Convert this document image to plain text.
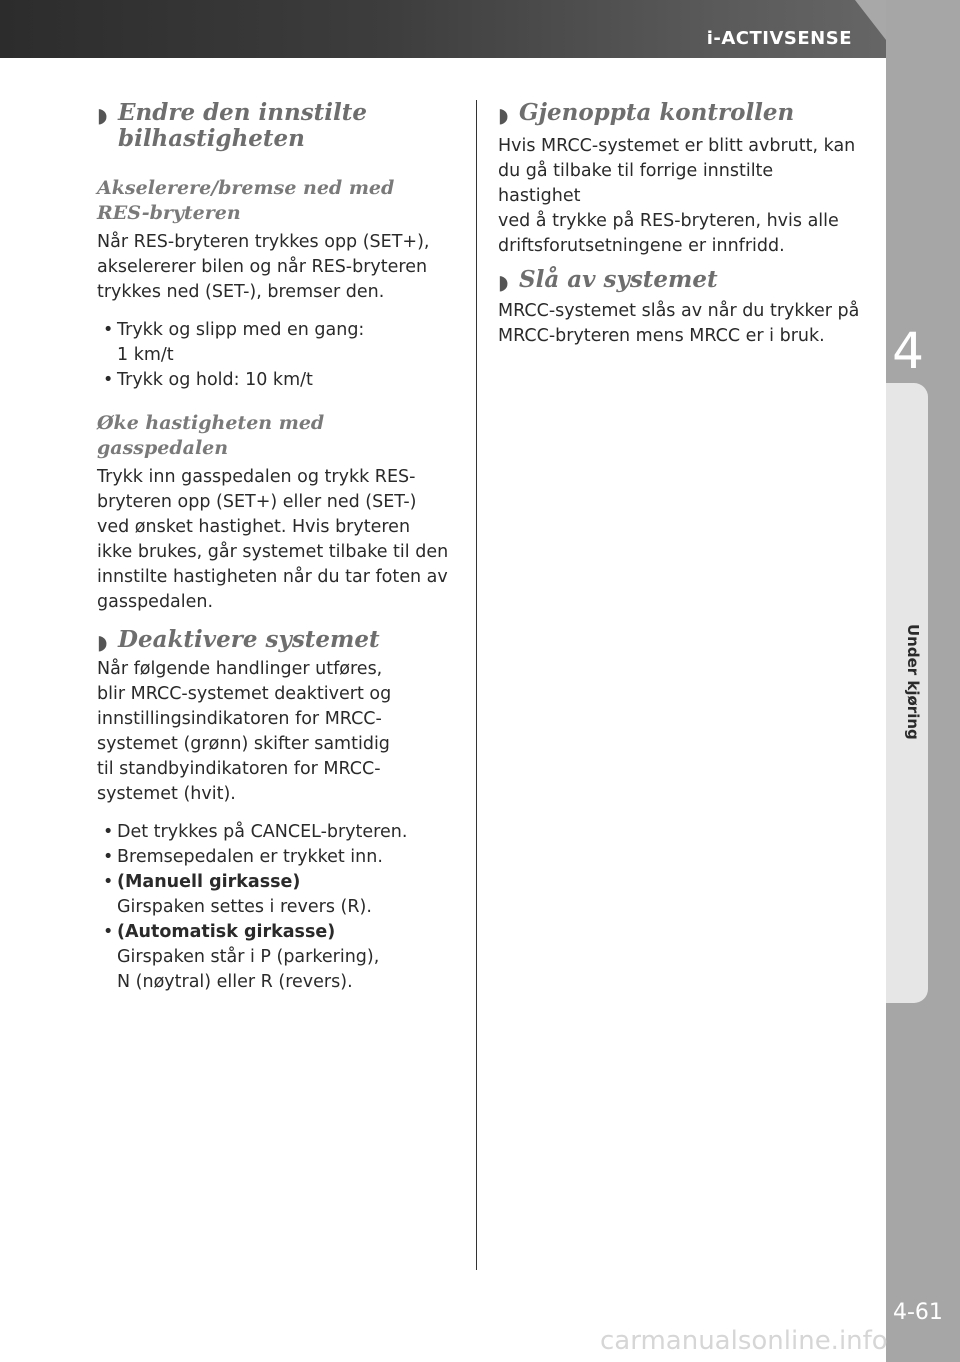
i-ACTIVSENSE
4
Under kjøring
4-61
◗ Endre den innstilte
bilhastigheten
Akselerere/bremse ned med
RES-bryteren

Når RES-bryteren trykkes opp (SET+),
akselererer bilen og når RES-bryteren
trykkes ned (SET-), bremser den.

• Trykk og slipp med en gang:
1 km/t
• Trykk og hold: 10 km/t
Øke hastigheten med gasspedalen

Trykk inn gasspedalen og trykk RES-
bryteren opp (SET+) eller ned (SET-)
ved ønsket hastighet. Hvis bryteren
ikke brukes, går systemet tilbake til den
innstilte hastigheten når du tar foten av
gasspedalen.

◗ Deaktivere systemet

Når følgende handlinger utføres,
blir MRCC-systemet deaktivert og
innstillingsindikatoren for MRCC-
systemet (grønn) skifter samtidig
til standbyindikatoren for MRCC-
systemet (hvit).

• Det trykkes på CANCEL-bryteren.
• Bremsepedalen er trykket inn.
• (Manuell girkasse)
Girspaken settes i revers (R).
• (Automatisk girkasse)
Girspaken står i P (parkering),
N (nøytral) eller R (revers).
◗ Gjenoppta kontrollen

Hvis MRCC-systemet er blitt avbrutt, kan
du gå tilbake til forrige innstilte hastighet
ved å trykke på RES-bryteren, hvis alle
driftsforutsetningene er innfridd.

◗ Slå av systemet

MRCC-systemet slås av når du trykker på
MRCC-bryteren mens MRCC er i bruk.

carmanualsonline.info
